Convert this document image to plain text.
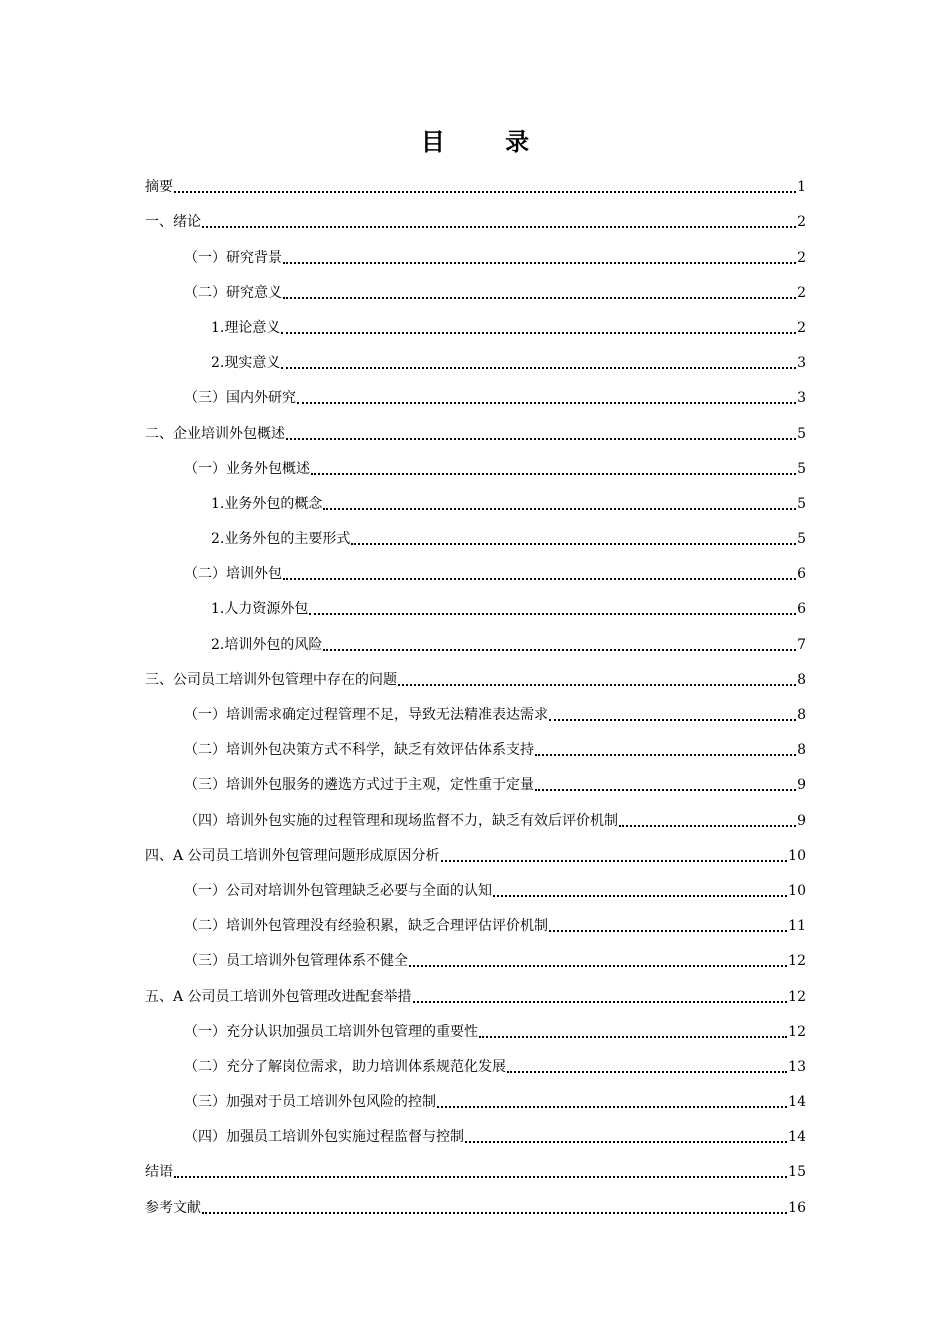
目 录
摘要	1
一、绪论	2
（一）研究背景	2
（二）研究意义	2
1.理论意义	2
2.现实意义	3
（三）国内外研究	3
二、企业培训外包概述	5
（一）业务外包概述	5
1.业务外包的概念	5
2.业务外包的主要形式	5
（二）培训外包	6
1.人力资源外包	6
2.培训外包的风险	7
三、公司员工培训外包管理中存在的问题	8
（一）培训需求确定过程管理不足，导致无法精准表达需求	8
（二）培训外包决策方式不科学，缺乏有效评估体系支持	8
（三）培训外包服务的遴选方式过于主观，定性重于定量	9
（四）培训外包实施的过程管理和现场监督不力，缺乏有效后评价机制	9
四、A 公司员工培训外包管理问题形成原因分析	10
（一）公司对培训外包管理缺乏必要与全面的认知	10
（二）培训外包管理没有经验积累，缺乏合理评估评价机制	11
（三）员工培训外包管理体系不健全	12
五、A 公司员工培训外包管理改进配套举措	12
（一）充分认识加强员工培训外包管理的重要性	12
（二）充分了解岗位需求，助力培训体系规范化发展	13
（三）加强对于员工培训外包风险的控制	14
（四）加强员工培训外包实施过程监督与控制	14
结语	15
参考文献	16
